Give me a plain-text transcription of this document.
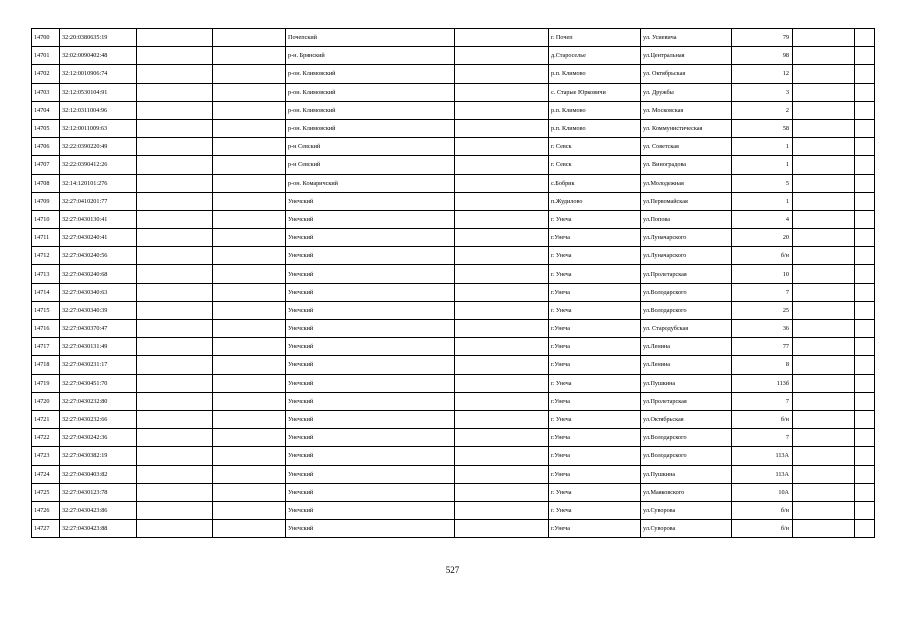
14700	32:20:0380635:19			Почепский		г. Почеп	ул. Усиевича	79		
14701	32:02:0090402:48			р-н. Брянский		д.Староселье	ул.Центральная	98		
14702	32:12:0010906:74			р-он. Климовский		р.п. Климово	ул. Октябрьская	12		
14703	32:12:0530104:91			р-он. Климовский		с. Старые Юрковичи	ул. Дружбы	3		
14704	32:12:0311004:96			р-он. Климовский		р.п. Климово	ул. Московская	2		
14705	32:12:0011009:63			р-он. Климовский		р.п. Климово	ул. Коммунистическая	58		
14706	32:22:0390220:49			р-н Севский		г. Севск	ул. Советская	1		
14707	32:22:0390412:26			р-н Севский		г. Севск	ул. Виноградова	1		
14708	32:14:120101:276			р-он. Комаричский		с.Бобрик	ул.Молодежная	5		
14709	32:27:0410201:77			Унечский		п.Жудилово	ул.Первомайская	1		
14710	32:27:0430130:41			Унечский		г. Унеча	ул.Попова	4		
14711	32:27:0430240:41			Унечский		г.Унеча	ул.Луначарского	20		
14712	32:27:0430240:56			Унечский		г. Унеча	ул.Луначарского	б/н		
14713	32:27:0430240:68			Унечский		г. Унеча	ул.Пролетарская	10		
14714	32:27:0430340:63			Унечский		г.Унеча	ул.Володарского	7		
14715	32:27:0430340:39			Унечский		г. Унеча	ул.Володарского	25		
14716	32:27:0430370:47			Унечский		г.Унеча	ул. Стародубская	36		
14717	32:27:0430131:49			Унечский		г.Унеча	ул.Ленина	77		
14718	32:27:0430231:17			Унечский		г.Унеча	ул.Ленина	8		
14719	32:27:0430451:70			Унечский		г. Унеча	ул.Пушкина	113б		
14720	32:27:0430232:80			Унечский		г.Унеча	ул.Пролетарская	7		
14721	32:27:0430232:66			Унечский		г. Унеча	ул.Октябрьская	б/н		
14722	32:27:0430242:36			Унечский		г.Унеча	ул.Володарского	7		
14723	32:27:0430382:19			Унечский		г.Унеча	ул.Володарского	113А		
14724	32:27:0430403:82			Унечский		г.Унеча	ул.Пушкина	113А		
14725	32:27:0430123:78			Унечский		г. Унеча	ул.Маяковского	10А		
14726	32:27:0430423:86			Унечский		г. Унеча	ул.Суворова	б/н		
14727	32:27:0430423:88			Унечский		г.Унеча	ул.Суворова	б/н		
527
